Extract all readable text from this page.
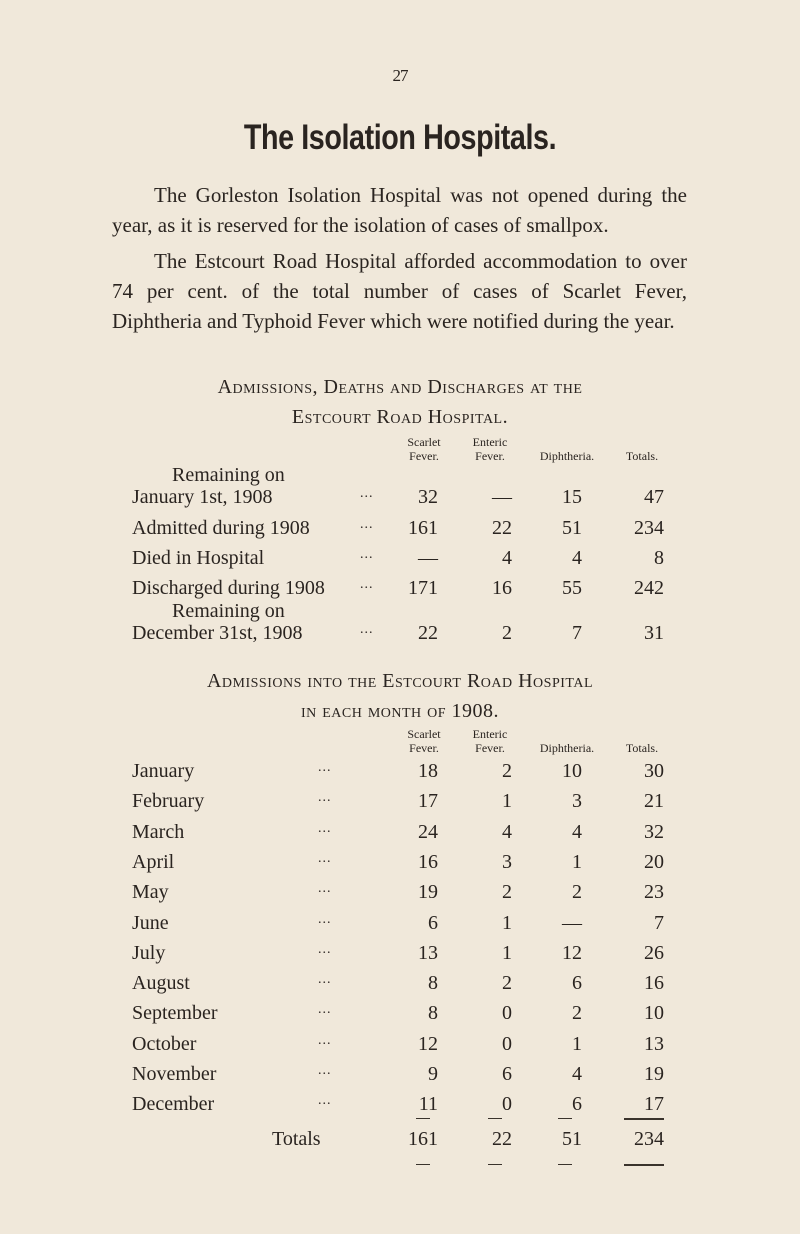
27
The Isolation Hospitals.
The Gorleston Isolation Hospital was not opened during the year, as it is reserved for the isolation of cases of smallpox.
The Estcourt Road Hospital afforded accommodation to over 74 per cent. of the total number of cases of Scarlet Fever, Diphtheria and Typhoid Fever which were notified during the year.
Admissions, Deaths and Discharges at the
Estcourt Road Hospital.
Scarlet
Fever.
Enteric
Fever.
	Diphtheria.
	Totals.
Remaining on
January 1st, 1908	...	32	—	15	47
Admitted during 1908	...	161	22	51	234
Died in Hospital	...	—	4	4	8
Discharged during 1908	...	171	16	55	242
Remaining on
December 31st, 1908	...	22	2	7	31
Admissions into the Estcourt Road Hospital
in each month of 1908.
Scarlet
Fever.
Enteric
Fever.
	Diphtheria.
	Totals.
January	...	18	2	10	30
February	...	17	1	3	21
March	...	24	4	4	32
April	...	16	3	1	20
May	...	19	2	2	23
June	...	6	1	—	7
July	...	13	1	12	26
August	...	8	2	6	16
September	...	8	0	2	10
October	...	12	0	1	13
November	...	9	6	4	19
December	...	11	0	6	17
Totals	161	22	51	234
